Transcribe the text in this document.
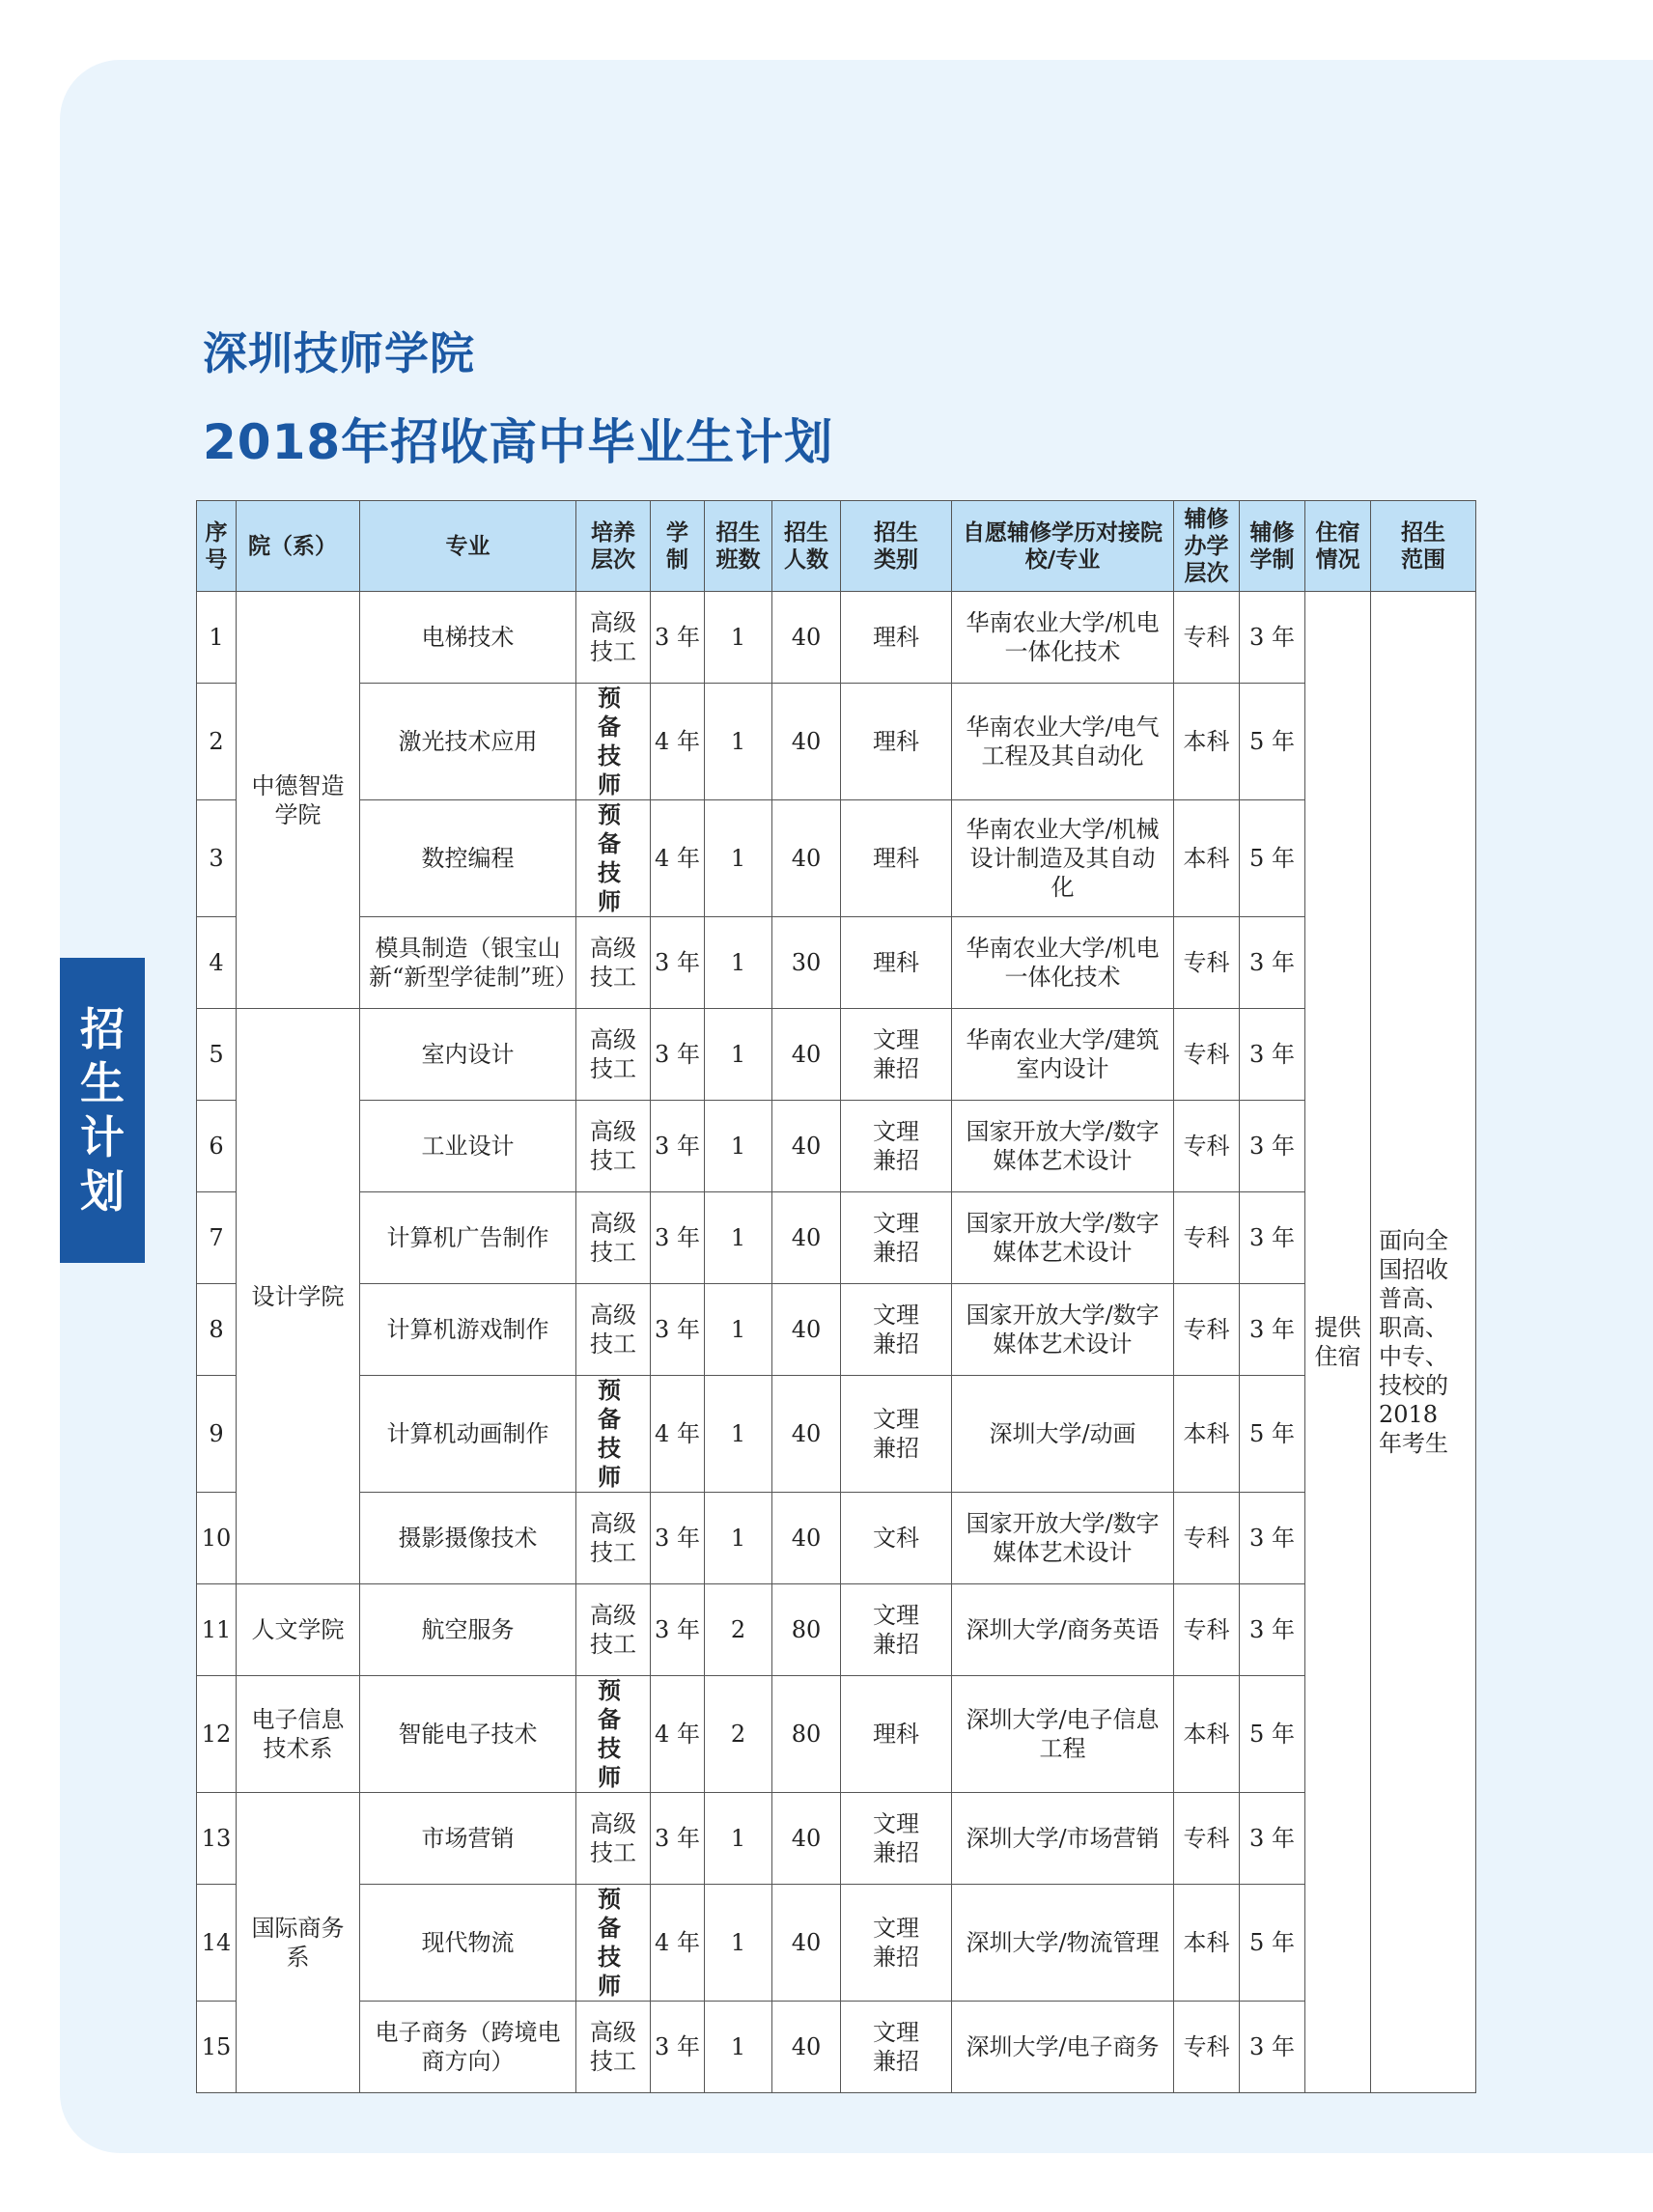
深圳技师学院
2018年招收高中毕业生计划
招生计划
序号	院（系）	专业	培养层次	学制	招生班数	招生人数	招生类别	自愿辅修学历对接院校/专业	辅修办学层次	辅修学制	住宿情况	招生范围
1	中德智造学院	电梯技术	高级技工	3 年	1	40	理科	华南农业大学/机电一体化技术	专科	3 年	提供住宿	面向全国招收普高、职高、中专、技校的 2018 年考生
2		激光技术应用	预备技师	4 年	1	40	理科	华南农业大学/电气工程及其自动化	本科	5 年		
3		数控编程	预备技师	4 年	1	40	理科	华南农业大学/机械设计制造及其自动化	本科	5 年		
4		模具制造（银宝山新“新型学徒制”班）	高级技工	3 年	1	30	理科	华南农业大学/机电一体化技术	专科	3 年		
5	设计学院	室内设计	高级技工	3 年	1	40	文理兼招	华南农业大学/建筑室内设计	专科	3 年		
6		工业设计	高级技工	3 年	1	40	文理兼招	国家开放大学/数字媒体艺术设计	专科	3 年		
7		计算机广告制作	高级技工	3 年	1	40	文理兼招	国家开放大学/数字媒体艺术设计	专科	3 年		
8		计算机游戏制作	高级技工	3 年	1	40	文理兼招	国家开放大学/数字媒体艺术设计	专科	3 年		
9		计算机动画制作	预备技师	4 年	1	40	文理兼招	深圳大学/动画	本科	5 年		
10		摄影摄像技术	高级技工	3 年	1	40	文科	国家开放大学/数字媒体艺术设计	专科	3 年		
11	人文学院	航空服务	高级技工	3 年	2	80	文理兼招	深圳大学/商务英语	专科	3 年		
12	电子信息技术系	智能电子技术	预备技师	4 年	2	80	理科	深圳大学/电子信息工程	本科	5 年		
13	国际商务系	市场营销	高级技工	3 年	1	40	文理兼招	深圳大学/市场营销	专科	3 年		
14		现代物流	预备技师	4 年	1	40	文理兼招	深圳大学/物流管理	本科	5 年		
15		电子商务（跨境电商方向）	高级技工	3 年	1	40	文理兼招	深圳大学/电子商务	专科	3 年		
